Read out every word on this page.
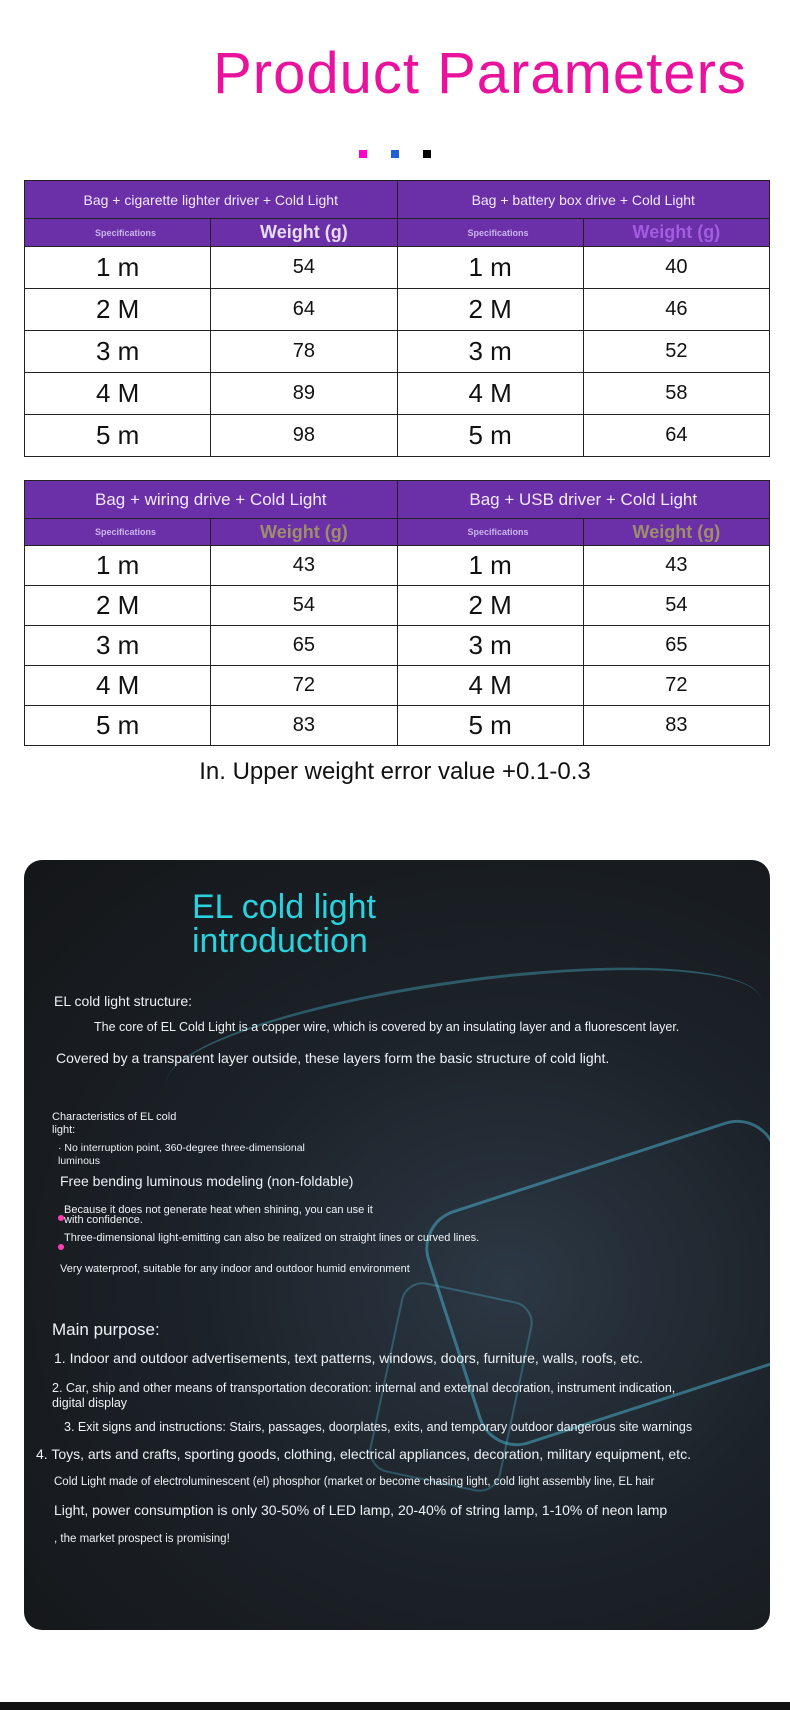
Product Parameters

Bag + cigarette lighter driver + Cold Light		Bag + battery box drive + Cold Light	
Specifications	Weight (g)	Specifications	Weight (g)
1 m	54	1 m	40
2 M	64	2 M	46
3 m	78	3 m	52
4 M	89	4 M	58
5 m	98	5 m	64
Bag + wiring drive + Cold Light		Bag + USB driver + Cold Light	
Specifications	Weight (g)	Specifications	Weight (g)
1 m	43	1 m	43
2 M	54	2 M	54
3 m	65	3 m	65
4 M	72	4 M	72
5 m	83	5 m	83
In. Upper weight error value +0.1-0.3
EL cold light
introduction
EL cold light structure:
The core of EL Cold Light is a copper wire, which is covered by an insulating layer and a fluorescent layer.
Covered by a transparent layer outside, these layers form the basic structure of cold light.
Characteristics of EL cold
light:
· No interruption point, 360-degree three-dimensional
luminous
Free bending luminous modeling (non-foldable)
Because it does not generate heat when shining, you can use it
with confidence.
Three-dimensional light-emitting can also be realized on straight lines or curved lines.
Very waterproof, suitable for any indoor and outdoor humid environment
Main purpose:
1. Indoor and outdoor advertisements, text patterns, windows, doors, furniture, walls, roofs, etc.
2. Car, ship and other means of transportation decoration: internal and external decoration, instrument indication,
digital display
3. Exit signs and instructions: Stairs, passages, doorplates, exits, and temporary outdoor dangerous site warnings
4. Toys, arts and crafts, sporting goods, clothing, electrical appliances, decoration, military equipment, etc.
Cold Light made of electroluminescent (el) phosphor (market or become chasing light, cold light assembly line, EL hair
Light, power consumption is only 30-50% of LED lamp, 20-40% of string lamp, 1-10% of neon lamp
, the market prospect is promising!
